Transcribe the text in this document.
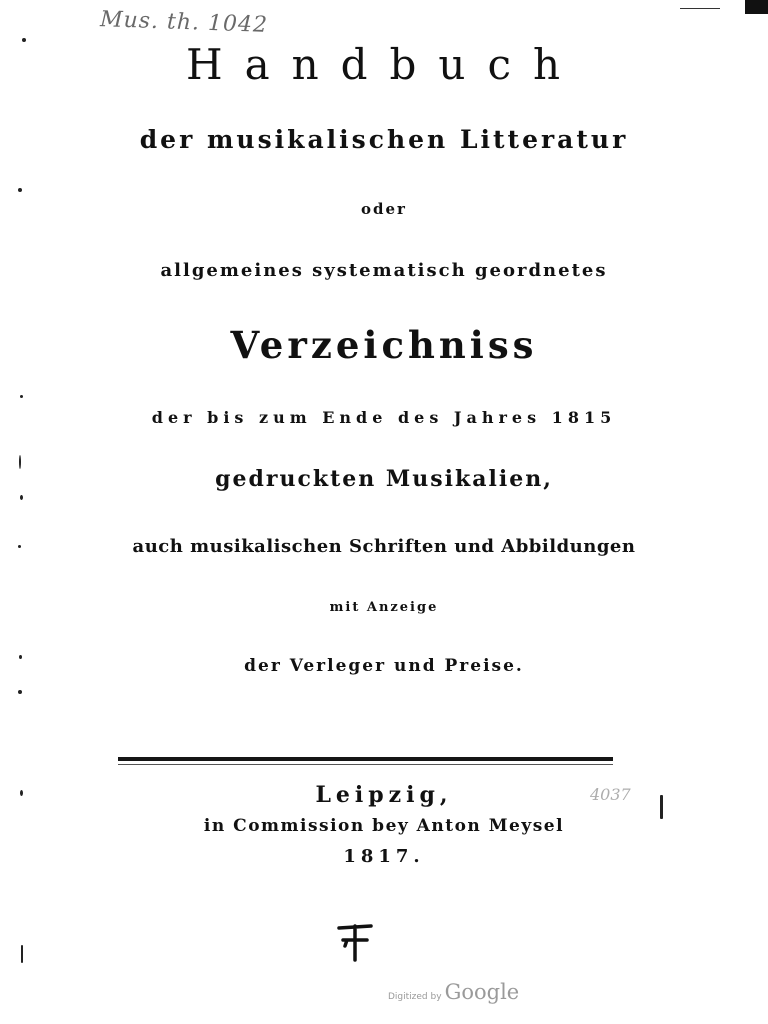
Mus. th. 1042
Handbuch
der musikalischen Litteratur
oder
allgemeines systematisch geordnetes
Verzeichniss
der bis zum Ende des Jahres 1815
gedruckten Musikalien,
auch musikalischen Schriften und Abbildungen
mit Anzeige
der Verleger und Preise.
Leipzig,
in Commission bey Anton Meysel
1817.
4037
Digitized by Google
